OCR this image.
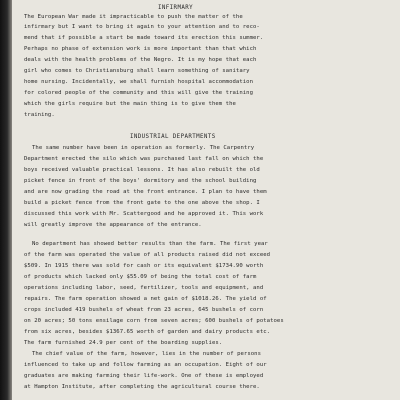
INFIRMARY
The European War made it impracticable to push the matter of the
infirmary but I want to bring it again to your attention and to reco-
mend that if possible a start be made toward its erection this summer.
Perhaps no phase of extension work is more important than that which
deals with the health problems of the Negro. It is my hope that each
girl who comes to Christiansburg shall learn something of sanitary
home nursing. Incidentally, we shall furnish hospital accommodation
for colored people of the community and this will give the training
which the girls require but the main thing is to give them the
training.
INDUSTRIAL DEPARTMENTS
The same number have been in operation as formerly. The Carpentry
Department erected the silo which was purchased last fall on which the
boys received valuable practical lessons. It has also rebuilt the old
picket fence in front of the boys' dormitory and the school building
and are now grading the road at the front entrance. I plan to have them
build a picket fence from the front gate to the one above the shop. I
discussed this work with Mr. Scattergood and he approved it. This work
will greatly improve the appearance of the entrance.
No department has showed better results than the farm. The first year
of the farm was operated the value of all products raised did not exceed
$509. In 1915 there was sold for cash or its equivalent $1734.90 worth
of products which lacked only $55.09 of being the total cost of farm
operations including labor, seed, fertilizer, tools and equipment, and
repairs. The farm operation showed a net gain of $1018.26. The yield of
crops included 419 bushels of wheat from 23 acres, 645 bushels of corn
on 20 acres; 50 tons ensilage corn from seven acres; 600 bushels of potatoes
from six acres, besides $1367.65 worth of garden and dairy products etc.
The farm furnished 24.9 per cent of the boarding supplies.
The chief value of the farm, however, lies in the number of persons
influenced to take up and follow farming as an occupation. Eight of our
graduates are making farming their life-work. One of these is employed
at Hampton Institute, after completing the agricultural course there.
